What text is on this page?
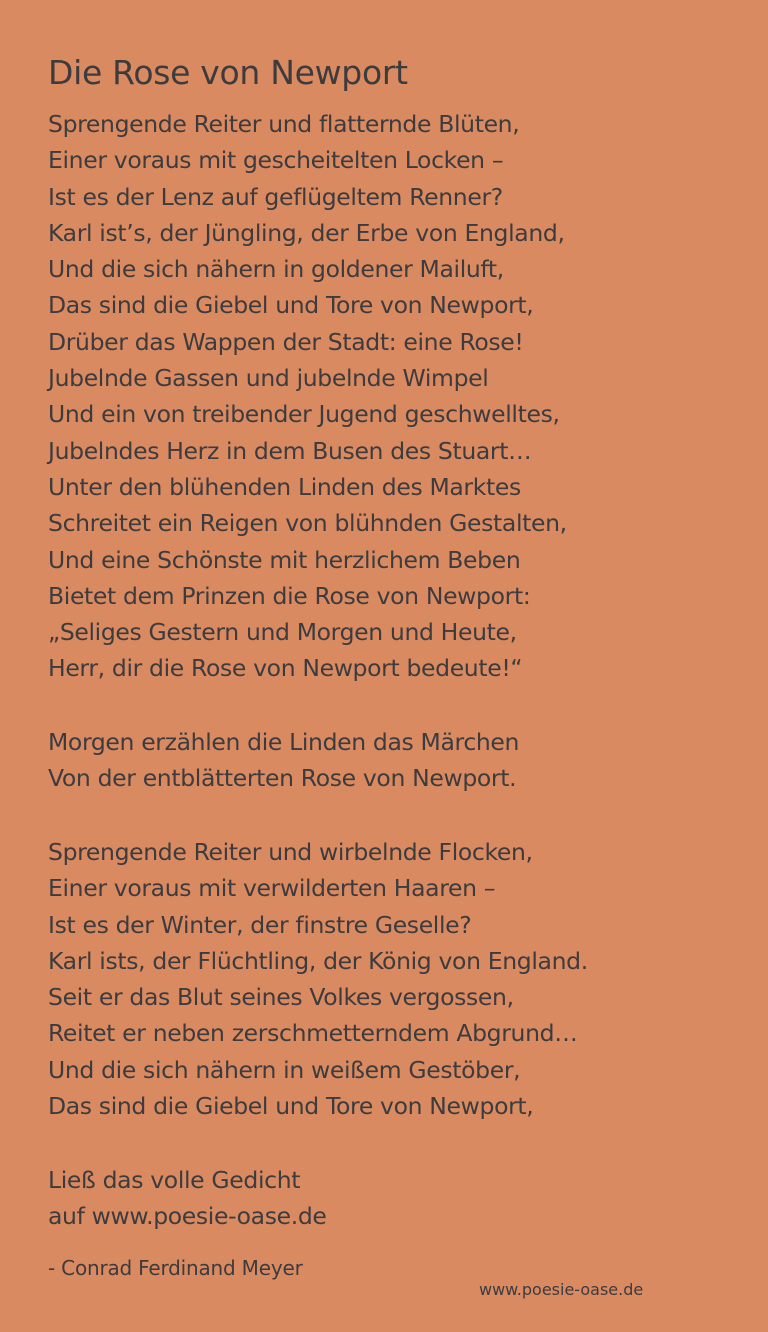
Die Rose von Newport
Sprengende Reiter und flatternde Blüten,
Einer voraus mit gescheitelten Locken –
Ist es der Lenz auf geflügeltem Renner?
Karl ist’s, der Jüngling, der Erbe von England,
Und die sich nähern in goldener Mailuft,
Das sind die Giebel und Tore von Newport,
Drüber das Wappen der Stadt: eine Rose!
Jubelnde Gassen und jubelnde Wimpel
Und ein von treibender Jugend geschwelltes,
Jubelndes Herz in dem Busen des Stuart…
Unter den blühenden Linden des Marktes
Schreitet ein Reigen von blühnden Gestalten,
Und eine Schönste mit herzlichem Beben
Bietet dem Prinzen die Rose von Newport:
„Seliges Gestern und Morgen und Heute,
Herr, dir die Rose von Newport bedeute!“
Morgen erzählen die Linden das Märchen
Von der entblätterten Rose von Newport.
Sprengende Reiter und wirbelnde Flocken,
Einer voraus mit verwilderten Haaren –
Ist es der Winter, der finstre Geselle?
Karl ists, der Flüchtling, der König von England.
Seit er das Blut seines Volkes vergossen,
Reitet er neben zerschmetterndem Abgrund…
Und die sich nähern in weißem Gestöber,
Das sind die Giebel und Tore von Newport,
Ließ das volle Gedicht
auf www.poesie-oase.de

- Conrad Ferdinand Meyer

www.poesie-oase.de
